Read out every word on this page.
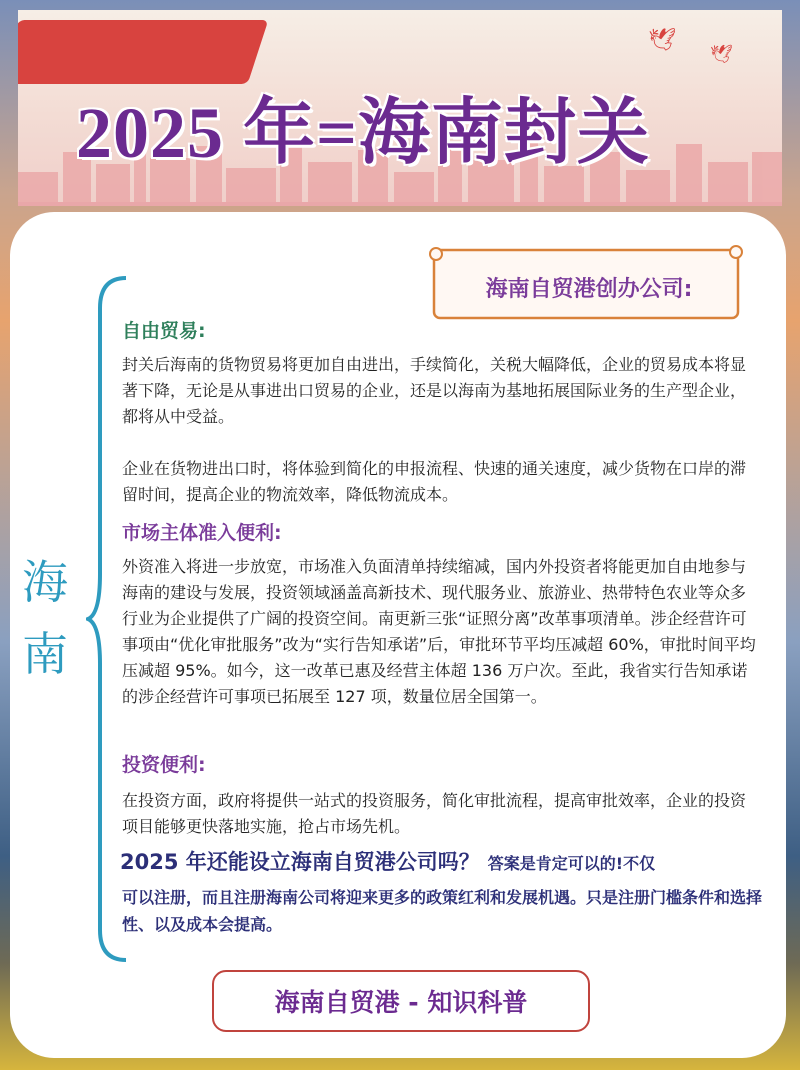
🕊
🕊
2025 年=海南封关
海
南
海南自贸港创办公司:
自由贸易:
封关后海南的货物贸易将更加自由进出，手续简化，关税大幅降低，企业的贸易成本将显著下降，无论是从事进出口贸易的企业，还是以海南为基地拓展国际业务的生产型企业，都将从中受益。
企业在货物进出口时，将体验到简化的申报流程、快速的通关速度，减少货物在口岸的滞留时间，提高企业的物流效率，降低物流成本。
市场主体准入便利:
外资准入将进一步放宽，市场准入负面清单持续缩减，国内外投资者将能更加自由地参与海南的建设与发展，投资领域涵盖高新技术、现代服务业、旅游业、热带特色农业等众多行业为企业提供了广阔的投资空间。南更新三张“证照分离”改革事项清单。涉企经营许可事项由“优化审批服务”改为“实行告知承诺”后，审批环节平均压减超 60%，审批时间平均压减超 95%。如今，这一改革已惠及经营主体超 136 万户次。至此，我省实行告知承诺的涉企经营许可事项已拓展至 127 项，数量位居全国第一。
投资便利:
在投资方面，政府将提供一站式的投资服务，简化审批流程，提高审批效率，企业的投资项目能够更快落地实施，抢占市场先机。
2025 年还能设立海南自贸港公司吗？ 答案是肯定可以的!不仅
可以注册，而且注册海南公司将迎来更多的政策红利和发展机遇。只是注册门槛条件和选择性、以及成本会提高。
海南自贸港 - 知识科普
